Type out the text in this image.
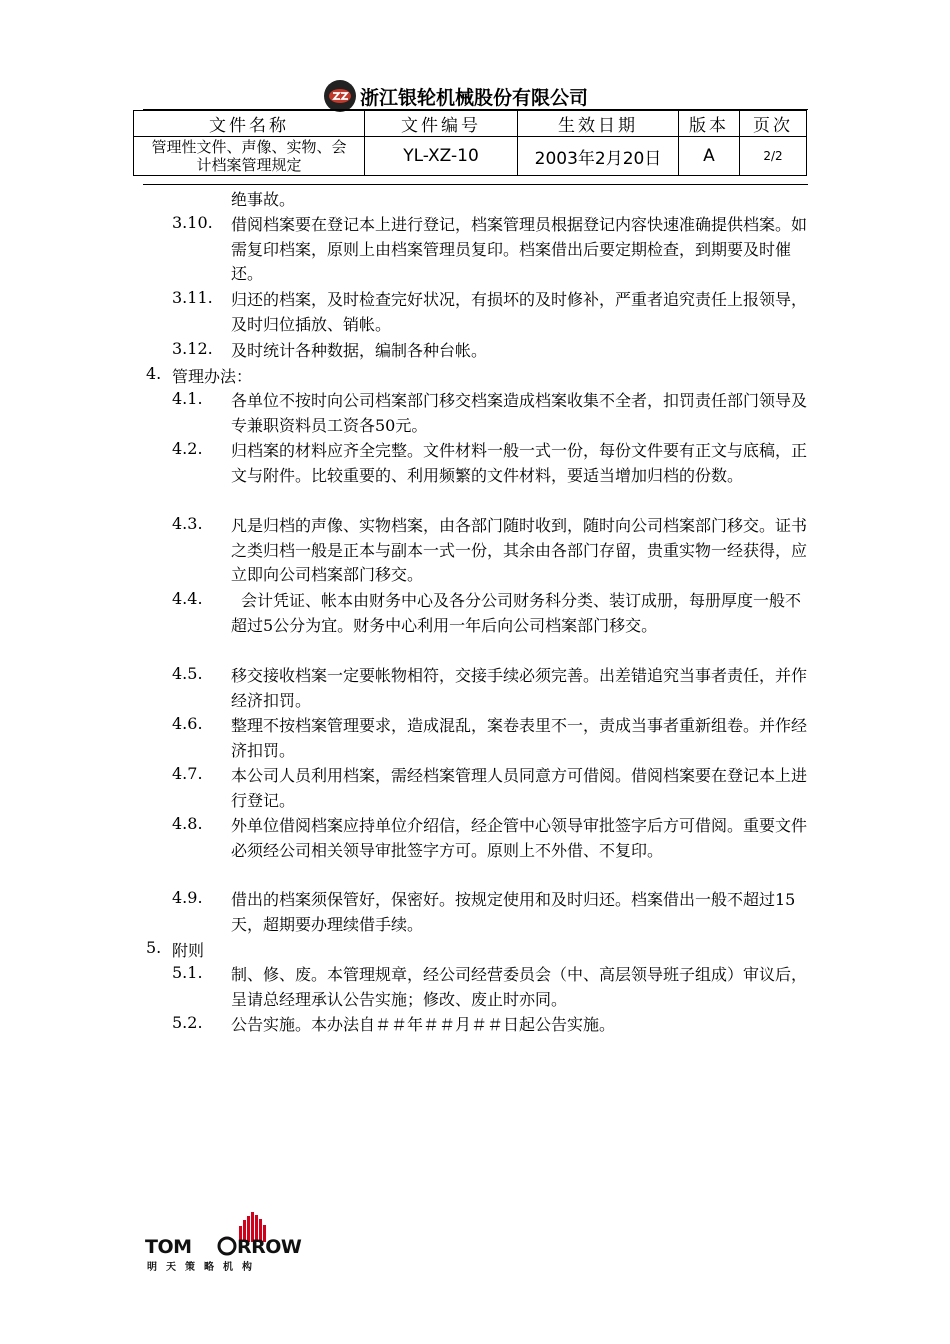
浙江银轮机械股份有限公司
文件名称	文件编号	生效日期	版本	页次

管理性文件、声像、实物、会
计档案管理规定	YL-XZ-10	2003年2月20日	A	2/2
绝事故。
3.10. 借阅档案要在登记本上进行登记，档案管理员根据登记内容快速准确提供档案。如需复印档案，原则上由档案管理员复印。档案借出后要定期检查，到期要及时催还。
3.11. 归还的档案，及时检查完好状况，有损坏的及时修补，严重者追究责任上报领导，及时归位插放、销帐。
3.12. 及时统计各种数据，编制各种台帐。
4. 管理办法：
4.1. 各单位不按时向公司档案部门移交档案造成档案收集不全者，扣罚责任部门领导及专兼职资料员工资各50元。
4.2. 归档案的材料应齐全完整。文件材料一般一式一份，每份文件要有正文与底稿，正文与附件。比较重要的、利用频繁的文件材料，要适当增加归档的份数。
4.3. 凡是归档的声像、实物档案，由各部门随时收到，随时向公司档案部门移交。证书之类归档一般是正本与副本一式一份，其余由各部门存留，贵重实物一经获得，应立即向公司档案部门移交。
4.4.	会计凭证、帐本由财务中心及各分公司财务科分类、装订成册，每册厚度一般不超过5公分为宜。财务中心利用一年后向公司档案部门移交。
4.5. 移交接收档案一定要帐物相符，交接手续必须完善。出差错追究当事者责任，并作经济扣罚。
4.6. 整理不按档案管理要求，造成混乱，案卷表里不一，责成当事者重新组卷。并作经济扣罚。
4.7. 本公司人员利用档案，需经档案管理人员同意方可借阅。借阅档案要在登记本上进行登记。
4.8. 外单位借阅档案应持单位介绍信，经企管中心领导审批签字后方可借阅。重要文件必须经公司相关领导审批签字方可。原则上不外借、不复印。
4.9. 借出的档案须保管好，保密好。按规定使用和及时归还。档案借出一般不超过15天，超期要办理续借手续。
5. 附则
5.1. 制、修、废。本管理规章，经公司经营委员会（中、高层领导班子组成）审议后，呈请总经理承认公告实施；修改、废止时亦同。
5.2. 公告实施。本办法自＃＃年＃＃月＃＃日起公告实施。
TOM RROW
明天策略机构
